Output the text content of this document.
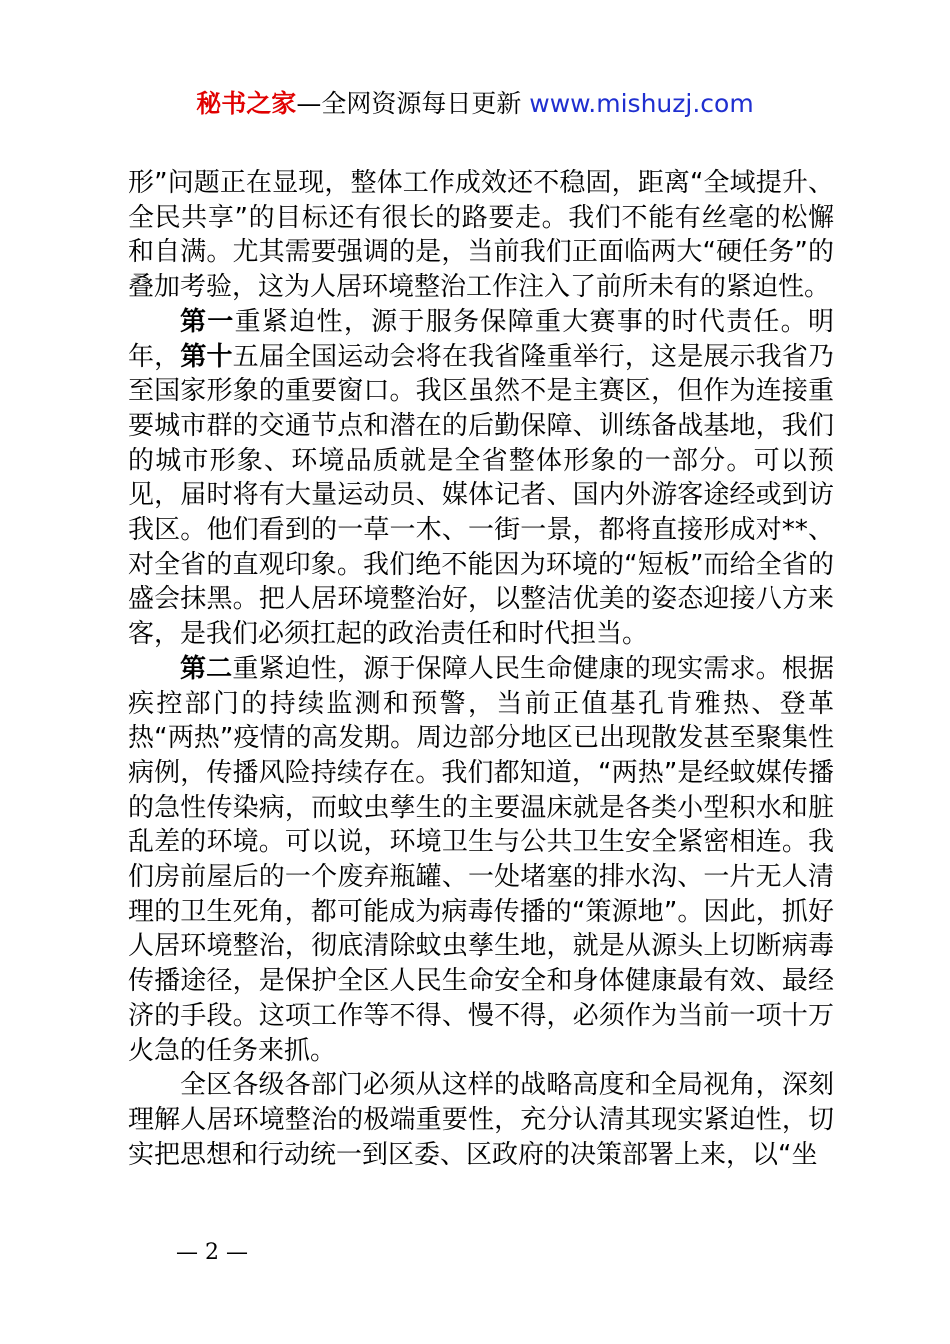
秘书之家—全网资源每日更新 www.mishuzj.com

形”问题正在显现，整体工作成效还不稳固，距离“全域提升、全民共享”的目标还有很长的路要走。我们不能有丝毫的松懈和自满。尤其需要强调的是，当前我们正面临两大“硬任务”的叠加考验，这为人居环境整治工作注入了前所未有的紧迫性。

第一重紧迫性，源于服务保障重大赛事的时代责任。明年，第十五届全国运动会将在我省隆重举行，这是展示我省乃至国家形象的重要窗口。我区虽然不是主赛区，但作为连接重要城市群的交通节点和潜在的后勤保障、训练备战基地，我们的城市形象、环境品质就是全省整体形象的一部分。可以预见，届时将有大量运动员、媒体记者、国内外游客途经或到访我区。他们看到的一草一木、一街一景，都将直接形成对**、对全省的直观印象。我们绝不能因为环境的“短板”而给全省的盛会抹黑。把人居环境整治好，以整洁优美的姿态迎接八方来客，是我们必须扛起的政治责任和时代担当。

第二重紧迫性，源于保障人民生命健康的现实需求。根据疾控部门的持续监测和预警，当前正值基孔肯雅热、登革热“两热”疫情的高发期。周边部分地区已出现散发甚至聚集性病例，传播风险持续存在。我们都知道，“两热”是经蚊媒传播的急性传染病，而蚊虫孳生的主要温床就是各类小型积水和脏乱差的环境。可以说，环境卫生与公共卫生安全紧密相连。我们房前屋后的一个废弃瓶罐、一处堵塞的排水沟、一片无人清理的卫生死角，都可能成为病毒传播的“策源地”。因此，抓好人居环境整治，彻底清除蚊虫孳生地，就是从源头上切断病毒传播途径，是保护全区人民生命安全和身体健康最有效、最经济的手段。这项工作等不得、慢不得，必须作为当前一项十万火急的任务来抓。

全区各级各部门必须从这样的战略高度和全局视角，深刻理解人居环境整治的极端重要性，充分认清其现实紧迫性，切实把思想和行动统一到区委、区政府的决策部署上来，以“坐

— 2 —
